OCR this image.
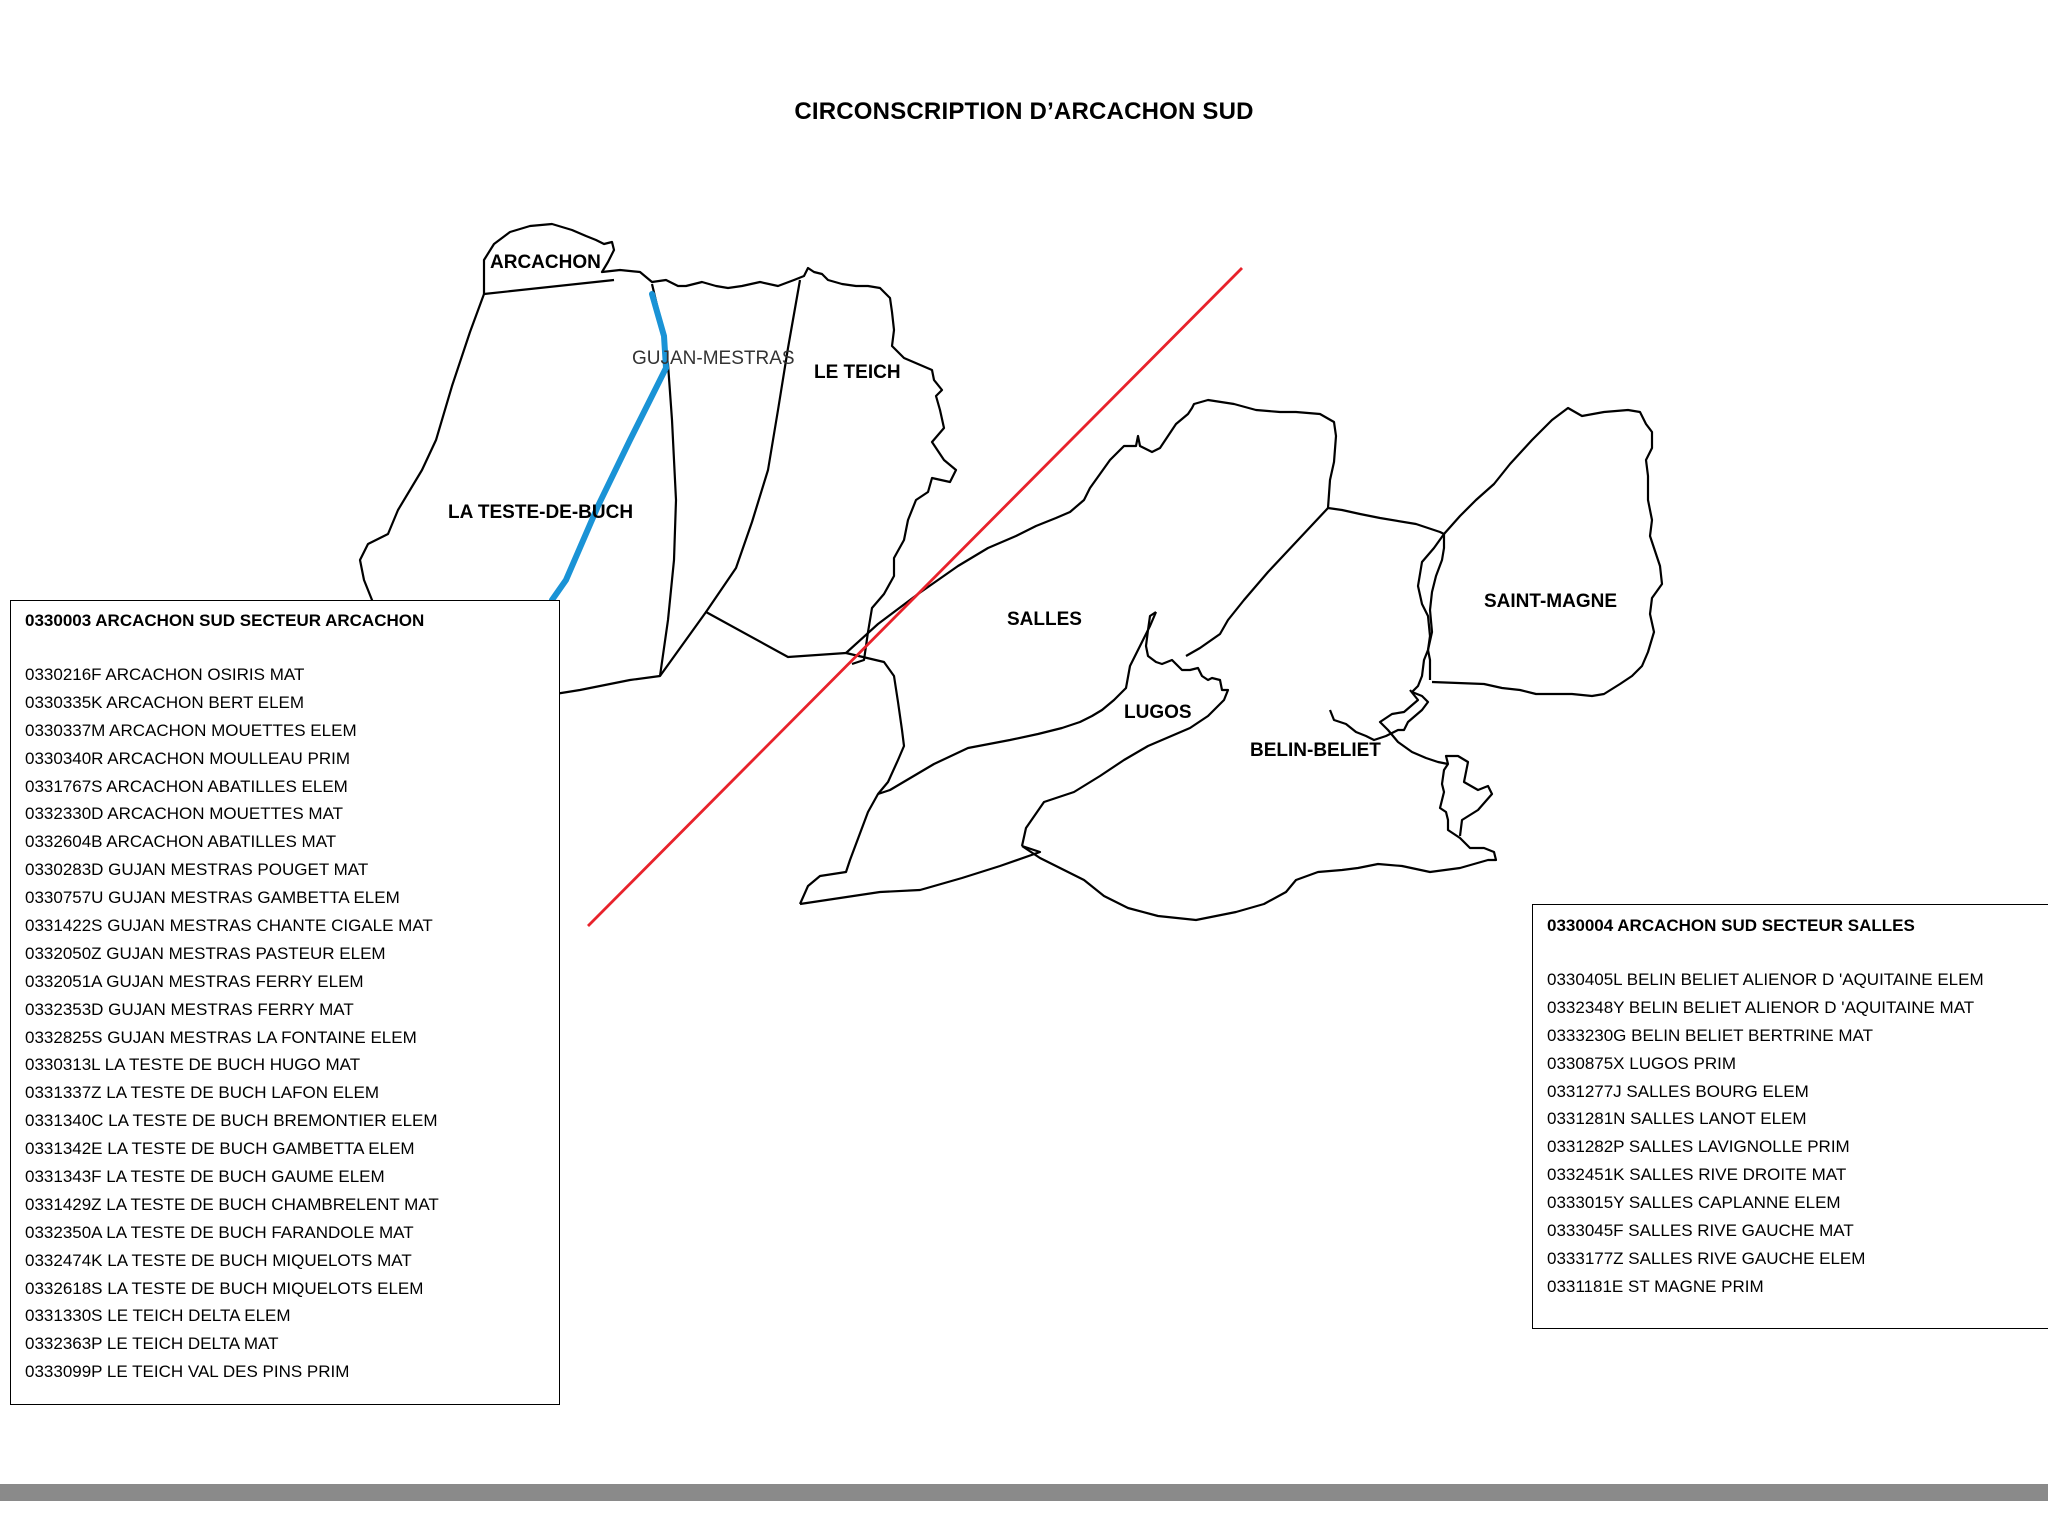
CIRCONSCRIPTION D’ARCACHON SUD
ARCACHON
GUJAN-MESTRAS
LE TEICH
LA TESTE-DE-BUCH
SALLES
LUGOS
BELIN-BELIET
SAINT-MAGNE
0330003 ARCACHON SUD SECTEUR ARCACHON
0330216F ARCACHON OSIRIS MAT
0330335K ARCACHON BERT ELEM
0330337M ARCACHON MOUETTES ELEM
0330340R ARCACHON MOULLEAU PRIM
0331767S ARCACHON ABATILLES ELEM
0332330D ARCACHON MOUETTES MAT
0332604B ARCACHON ABATILLES MAT
0330283D GUJAN MESTRAS POUGET MAT
0330757U GUJAN MESTRAS GAMBETTA ELEM
0331422S GUJAN MESTRAS CHANTE CIGALE MAT
0332050Z GUJAN MESTRAS PASTEUR ELEM
0332051A GUJAN MESTRAS FERRY ELEM
0332353D GUJAN MESTRAS FERRY MAT
0332825S GUJAN MESTRAS LA FONTAINE ELEM
0330313L LA TESTE DE BUCH HUGO MAT
0331337Z LA TESTE DE BUCH LAFON ELEM
0331340C LA TESTE DE BUCH BREMONTIER ELEM
0331342E LA TESTE DE BUCH GAMBETTA ELEM
0331343F LA TESTE DE BUCH GAUME ELEM
0331429Z LA TESTE DE BUCH CHAMBRELENT MAT
0332350A LA TESTE DE BUCH FARANDOLE MAT
0332474K LA TESTE DE BUCH MIQUELOTS MAT
0332618S LA TESTE DE BUCH MIQUELOTS ELEM
0331330S LE TEICH DELTA ELEM
0332363P LE TEICH DELTA MAT
0333099P LE TEICH VAL DES PINS PRIM
0330004 ARCACHON SUD SECTEUR SALLES
0330405L BELIN BELIET ALIENOR D 'AQUITAINE ELEM
0332348Y BELIN BELIET ALIENOR D 'AQUITAINE MAT
0333230G BELIN BELIET BERTRINE MAT
0330875X LUGOS PRIM
0331277J SALLES BOURG ELEM
0331281N SALLES LANOT ELEM
0331282P SALLES LAVIGNOLLE PRIM
0332451K SALLES RIVE DROITE MAT
0333015Y SALLES CAPLANNE ELEM
0333045F SALLES RIVE GAUCHE MAT
0333177Z SALLES RIVE GAUCHE ELEM
0331181E ST MAGNE PRIM
